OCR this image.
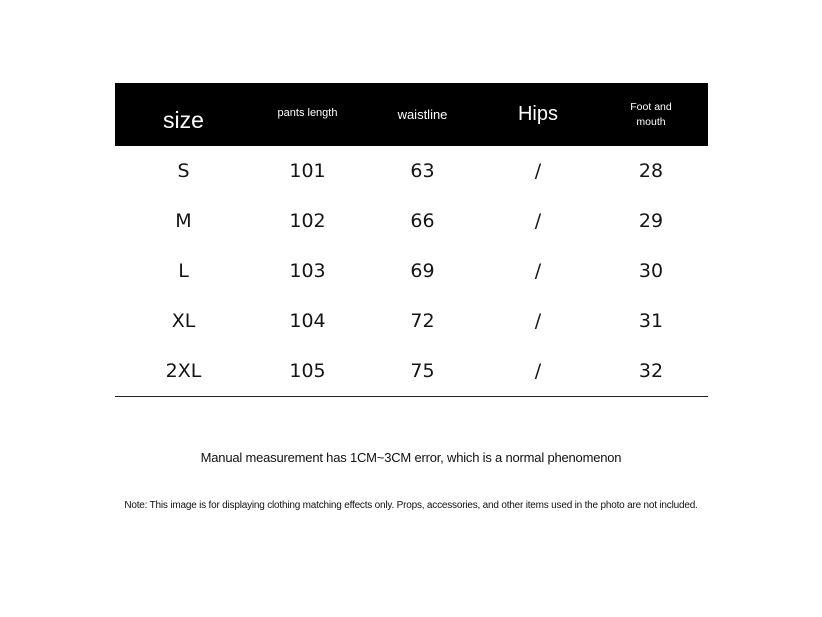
size	pants length	waistline	Hips	Foot and
mouth
S	101	63	/	28
M	102	66	/	29
L	103	69	/	30
XL	104	72	/	31
2XL	105	75	/	32
Manual measurement has 1CM~3CM error, which is a normal phenomenon
Note: This image is for displaying clothing matching effects only. Props, accessories, and other items used in the photo are not included.
